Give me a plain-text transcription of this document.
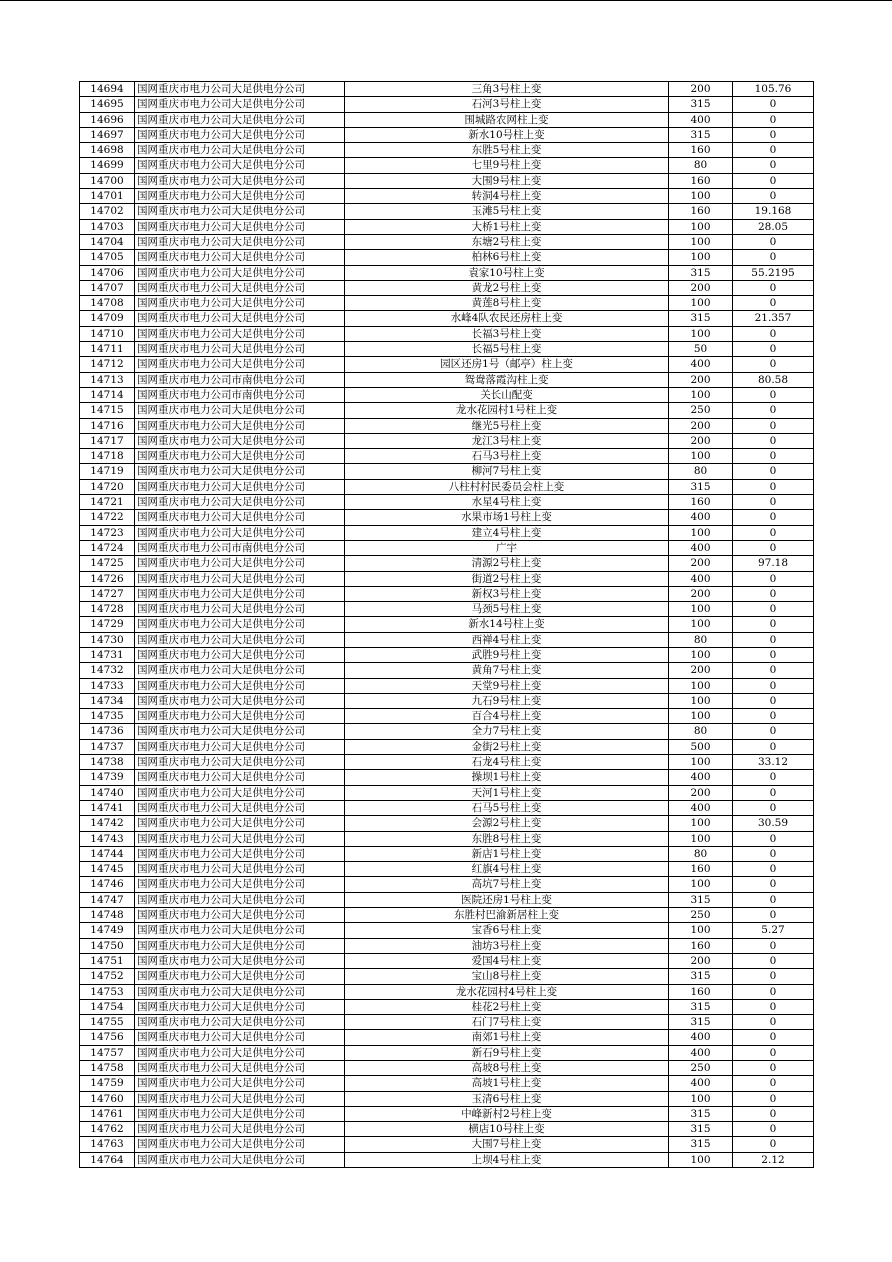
14694	国网重庆市电力公司大足供电分公司	三角3号柱上变	200	105.76
14695	国网重庆市电力公司大足供电分公司	石河3号柱上变	315	0
14696	国网重庆市电力公司大足供电分公司	围城路农网柱上变	400	0
14697	国网重庆市电力公司大足供电分公司	新水10号柱上变	315	0
14698	国网重庆市电力公司大足供电分公司	东胜5号柱上变	160	0
14699	国网重庆市电力公司大足供电分公司	七里9号柱上变	80	0
14700	国网重庆市电力公司大足供电分公司	大围9号柱上变	160	0
14701	国网重庆市电力公司大足供电分公司	转洞4号柱上变	100	0
14702	国网重庆市电力公司大足供电分公司	玉滩5号柱上变	160	19.168
14703	国网重庆市电力公司大足供电分公司	大桥1号柱上变	100	28.05
14704	国网重庆市电力公司大足供电分公司	东塘2号柱上变	100	0
14705	国网重庆市电力公司大足供电分公司	柏林6号柱上变	100	0
14706	国网重庆市电力公司大足供电分公司	袁家10号柱上变	315	55.2195
14707	国网重庆市电力公司大足供电分公司	黄龙2号柱上变	200	0
14708	国网重庆市电力公司大足供电分公司	黄莲8号柱上变	100	0
14709	国网重庆市电力公司大足供电分公司	水峰4队农民还房柱上变	315	21.357
14710	国网重庆市电力公司大足供电分公司	长福3号柱上变	100	0
14711	国网重庆市电力公司大足供电分公司	长福5号柱上变	50	0
14712	国网重庆市电力公司大足供电分公司	园区还房1号（邮亭）柱上变	400	0
14713	国网重庆市电力公司市南供电分公司	鸳鸯落霞沟柱上变	200	80.58
14714	国网重庆市电力公司市南供电分公司	关长山配变	100	0
14715	国网重庆市电力公司大足供电分公司	龙水花园村1号柱上变	250	0
14716	国网重庆市电力公司大足供电分公司	继光5号柱上变	200	0
14717	国网重庆市电力公司大足供电分公司	龙江3号柱上变	200	0
14718	国网重庆市电力公司大足供电分公司	石马3号柱上变	100	0
14719	国网重庆市电力公司大足供电分公司	柳河7号柱上变	80	0
14720	国网重庆市电力公司大足供电分公司	八柱村村民委员会柱上变	315	0
14721	国网重庆市电力公司大足供电分公司	水星4号柱上变	160	0
14722	国网重庆市电力公司大足供电分公司	水果市场1号柱上变	400	0
14723	国网重庆市电力公司大足供电分公司	建立4号柱上变	100	0
14724	国网重庆市电力公司市南供电分公司	广宇	400	0
14725	国网重庆市电力公司大足供电分公司	清源2号柱上变	200	97.18
14726	国网重庆市电力公司大足供电分公司	街道2号柱上变	400	0
14727	国网重庆市电力公司大足供电分公司	新权3号柱上变	200	0
14728	国网重庆市电力公司大足供电分公司	马颈5号柱上变	100	0
14729	国网重庆市电力公司大足供电分公司	新水14号柱上变	100	0
14730	国网重庆市电力公司大足供电分公司	西禅4号柱上变	80	0
14731	国网重庆市电力公司大足供电分公司	武胜9号柱上变	100	0
14732	国网重庆市电力公司大足供电分公司	黄角7号柱上变	200	0
14733	国网重庆市电力公司大足供电分公司	天堂9号柱上变	100	0
14734	国网重庆市电力公司大足供电分公司	九石9号柱上变	100	0
14735	国网重庆市电力公司大足供电分公司	百合4号柱上变	100	0
14736	国网重庆市电力公司大足供电分公司	全力7号柱上变	80	0
14737	国网重庆市电力公司大足供电分公司	金街2号柱上变	500	0
14738	国网重庆市电力公司大足供电分公司	石龙4号柱上变	100	33.12
14739	国网重庆市电力公司大足供电分公司	操坝1号柱上变	400	0
14740	国网重庆市电力公司大足供电分公司	天河1号柱上变	200	0
14741	国网重庆市电力公司大足供电分公司	石马5号柱上变	400	0
14742	国网重庆市电力公司大足供电分公司	会源2号柱上变	100	30.59
14743	国网重庆市电力公司大足供电分公司	东胜8号柱上变	100	0
14744	国网重庆市电力公司大足供电分公司	新店1号柱上变	80	0
14745	国网重庆市电力公司大足供电分公司	红旗4号柱上变	160	0
14746	国网重庆市电力公司大足供电分公司	高坑7号柱上变	100	0
14747	国网重庆市电力公司大足供电分公司	医院还房1号柱上变	315	0
14748	国网重庆市电力公司大足供电分公司	东胜村巴渝新居柱上变	250	0
14749	国网重庆市电力公司大足供电分公司	宝香6号柱上变	100	5.27
14750	国网重庆市电力公司大足供电分公司	油坊3号柱上变	160	0
14751	国网重庆市电力公司大足供电分公司	爱国4号柱上变	200	0
14752	国网重庆市电力公司大足供电分公司	宝山8号柱上变	315	0
14753	国网重庆市电力公司大足供电分公司	龙水花园村4号柱上变	160	0
14754	国网重庆市电力公司大足供电分公司	桂花2号柱上变	315	0
14755	国网重庆市电力公司大足供电分公司	石门7号柱上变	315	0
14756	国网重庆市电力公司大足供电分公司	南郊1号柱上变	400	0
14757	国网重庆市电力公司大足供电分公司	新石9号柱上变	400	0
14758	国网重庆市电力公司大足供电分公司	高坡8号柱上变	250	0
14759	国网重庆市电力公司大足供电分公司	高坡1号柱上变	400	0
14760	国网重庆市电力公司大足供电分公司	玉清6号柱上变	100	0
14761	国网重庆市电力公司大足供电分公司	中峰新村2号柱上变	315	0
14762	国网重庆市电力公司大足供电分公司	横店10号柱上变	315	0
14763	国网重庆市电力公司大足供电分公司	大围7号柱上变	315	0
14764	国网重庆市电力公司大足供电分公司	上坝4号柱上变	100	2.12
